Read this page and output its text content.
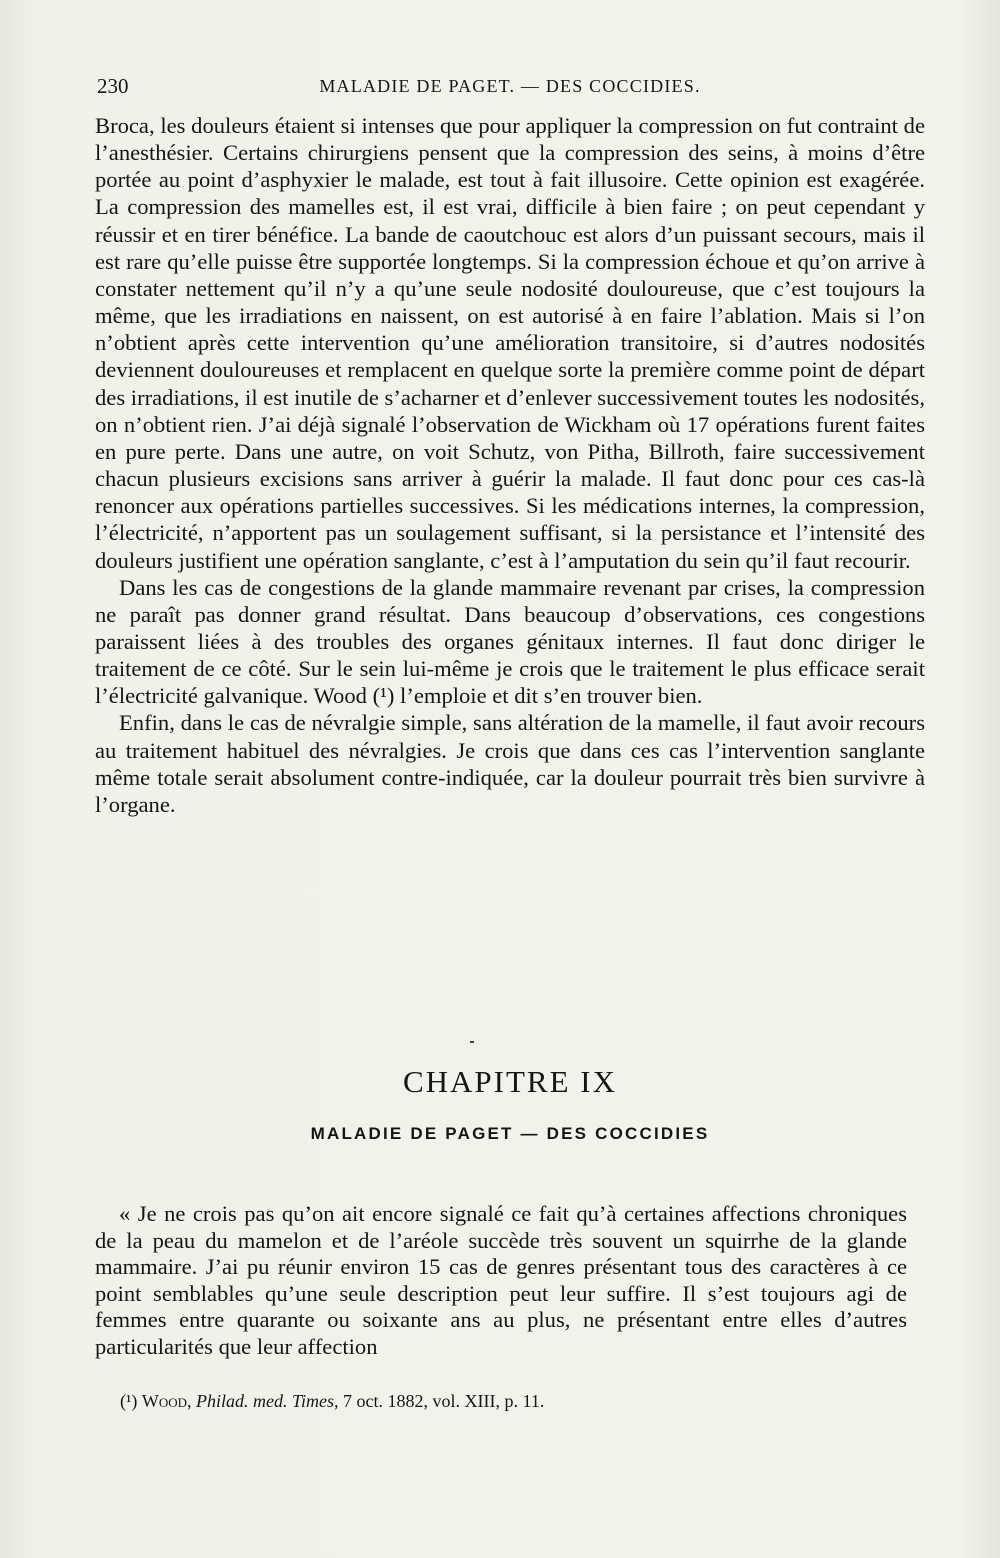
230	MALADIE DE PAGET. — DES COCCIDIES.

Broca, les douleurs étaient si intenses que pour appliquer la compression on fut contraint de l’anesthésier. Certains chirurgiens pensent que la compression des seins, à moins d’être portée au point d’asphyxier le malade, est tout à fait illusoire. Cette opinion est exagérée. La compression des mamelles est, il est vrai, difficile à bien faire ; on peut cependant y réussir et en tirer bénéfice. La bande de caoutchouc est alors d’un puissant secours, mais il est rare qu’elle puisse être supportée longtemps. Si la compression échoue et qu’on arrive à constater nettement qu’il n’y a qu’une seule nodosité douloureuse, que c’est toujours la même, que les irradiations en naissent, on est autorisé à en faire l’ablation. Mais si l’on n’obtient après cette intervention qu’une amélioration transitoire, si d’autres nodosités deviennent douloureuses et remplacent en quelque sorte la première comme point de départ des irradiations, il est inutile de s’acharner et d’enlever successivement toutes les nodosités, on n’obtient rien. J’ai déjà signalé l’observation de Wickham où 17 opérations furent faites en pure perte. Dans une autre, on voit Schutz, von Pitha, Billroth, faire successivement chacun plusieurs excisions sans arriver à guérir la malade. Il faut donc pour ces cas-là renoncer aux opérations partielles successives. Si les médications internes, la compression, l’électricité, n’apportent pas un soulagement suffisant, si la persistance et l’intensité des douleurs justifient une opération sanglante, c’est à l’amputation du sein qu’il faut recourir.

Dans les cas de congestions de la glande mammaire revenant par crises, la compression ne paraît pas donner grand résultat. Dans beaucoup d’observations, ces congestions paraissent liées à des troubles des organes génitaux internes. Il faut donc diriger le traitement de ce côté. Sur le sein lui-même je crois que le traitement le plus efficace serait l’électricité galvanique. Wood (¹) l’emploie et dit s’en trouver bien.

Enfin, dans le cas de névralgie simple, sans altération de la mamelle, il faut avoir recours au traitement habituel des névralgies. Je crois que dans ces cas l’intervention sanglante même totale serait absolument contre-indiquée, car la douleur pourrait très bien survivre à l’organe.

CHAPITRE IX
MALADIE DE PAGET — DES COCCIDIES

« Je ne crois pas qu’on ait encore signalé ce fait qu’à certaines affections chroniques de la peau du mamelon et de l’aréole succède très souvent un squirrhe de la glande mammaire. J’ai pu réunir environ 15 cas de genres présentant tous des caractères à ce point semblables qu’une seule description peut leur suffire. Il s’est toujours agi de femmes entre quarante ou soixante ans au plus, ne présentant entre elles d’autres particularités que leur affection

(¹) Wood, Philad. med. Times, 7 oct. 1882, vol. XIII, p. 11.
